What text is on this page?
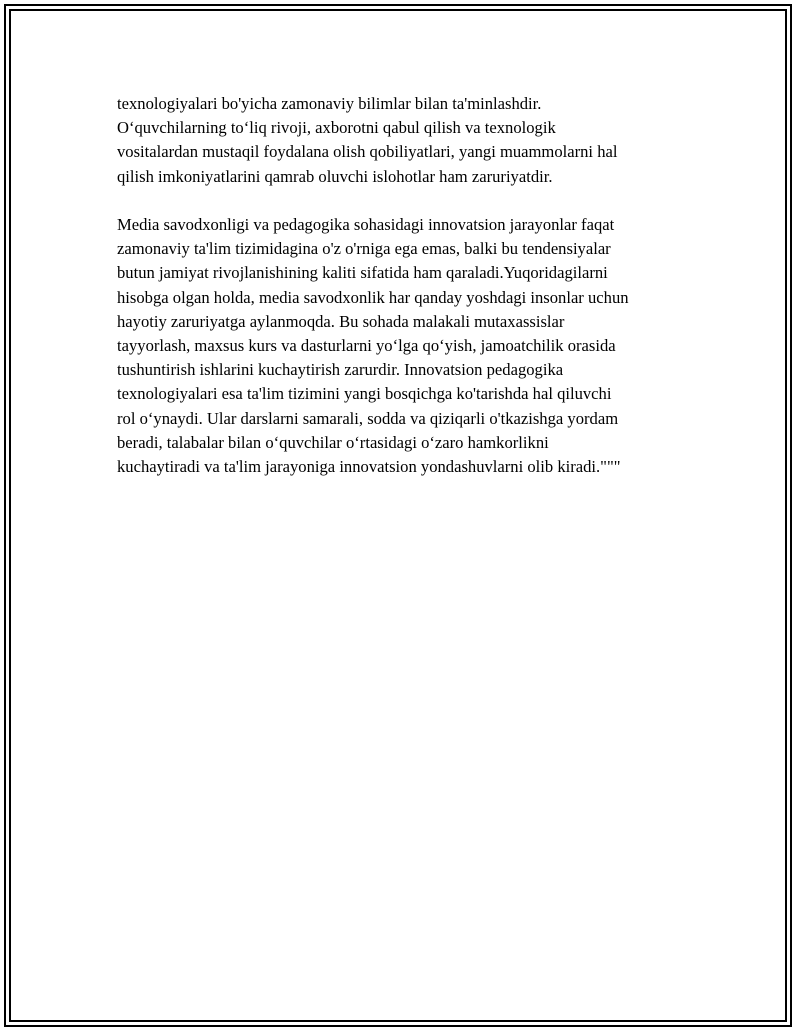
texnologiyalari bo'yicha zamonaviy bilimlar bilan ta'minlashdir.
O‘quvchilarning to‘liq rivoji, axborotni qabul qilish va texnologik
vositalardan mustaqil foydalana olish qobiliyatlari, yangi muammolarni hal
qilish imkoniyatlarini qamrab oluvchi islohotlar ham zaruriyatdir.

Media savodxonligi va pedagogika sohasidagi innovatsion jarayonlar faqat
zamonaviy ta'lim tizimidagina o'z o'rniga ega emas, balki bu tendensiyalar
butun jamiyat rivojlanishining kaliti sifatida ham qaraladi.Yuqoridagilarni
hisobga olgan holda, media savodxonlik har qanday yoshdagi insonlar uchun
hayotiy zaruriyatga aylanmoqda. Bu sohada malakali mutaxassislar
tayyorlash, maxsus kurs va dasturlarni yo‘lga qo‘yish, jamoatchilik orasida
tushuntirish ishlarini kuchaytirish zarurdir. Innovatsion pedagogika
texnologiyalari esa ta'lim tizimini yangi bosqichga ko'tarishda hal qiluvchi
rol o‘ynaydi. Ular darslarni samarali, sodda va qiziqarli o'tkazishga yordam
beradi, talabalar bilan o‘quvchilar o‘rtasidagi o‘zaro hamkorlikni
kuchaytiradi va ta'lim jarayoniga innovatsion yondashuvlarni olib kiradi."""
